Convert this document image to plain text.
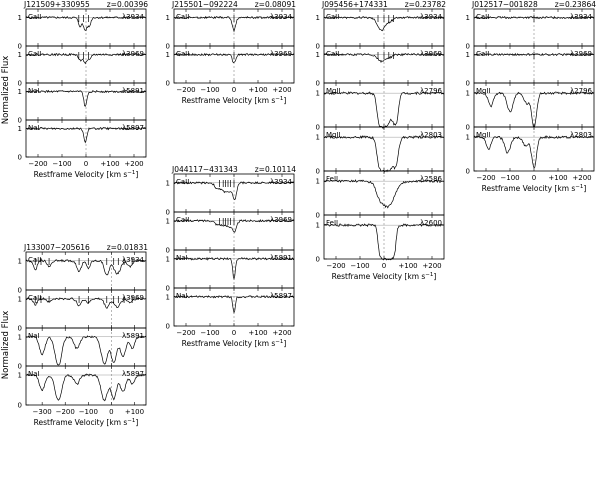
Normalized Flux
Normalized Flux
J121509+330955 z=0.00396
0
1 CaII	λ3934
0
1 CaII	λ3969
0
1 NaI	λ5891
0
1 NaI	λ5897
−200 −100 0 +100 +200
Restframe Velocity [km $s^{-1}$]
J215501−092224 z=0.08091
0
1 CaII	λ3934
0
1 CaII	λ3969
−200 −100 0 +100 +200
Restframe Velocity [km $s^{-1}$]
J044117−431343 z=0.10114
0
1 CaII	λ3934
0
1 CaII	λ3969
0
1 NaI	λ5891
0
1 NaI	λ5897
−200 −100 0 +100 +200
Restframe Velocity [km $s^{-1}$]
J095456+174331 z=0.23782
0
1 CaII	λ3934
0
1 CaII	λ3969
0
1 MgII	λ2796
0
1 MgII	λ2803
0
1 FeII	λ2586
0
1 FeII	λ2600
−200 −100 0 +100 +200
Restframe Velocity [km $s^{-1}$]
J012517−001828 z=0.23864
0
1 CaII	λ3934
0
1 CaII	λ3969
0
1 MgII	λ2796
0
1 MgII	λ2803
−200 −100 0 +100 +200
Restframe Velocity [km $s^{-1}$]
J133007−205616 z=0.01831
0
1 CaII	λ3934
0
1 CaII	λ3969
0
1 NaI	λ5891
0
1 NaI	λ5897
−300 −200 −100 0 +100
Restframe Velocity [km $s^{-1}$]
